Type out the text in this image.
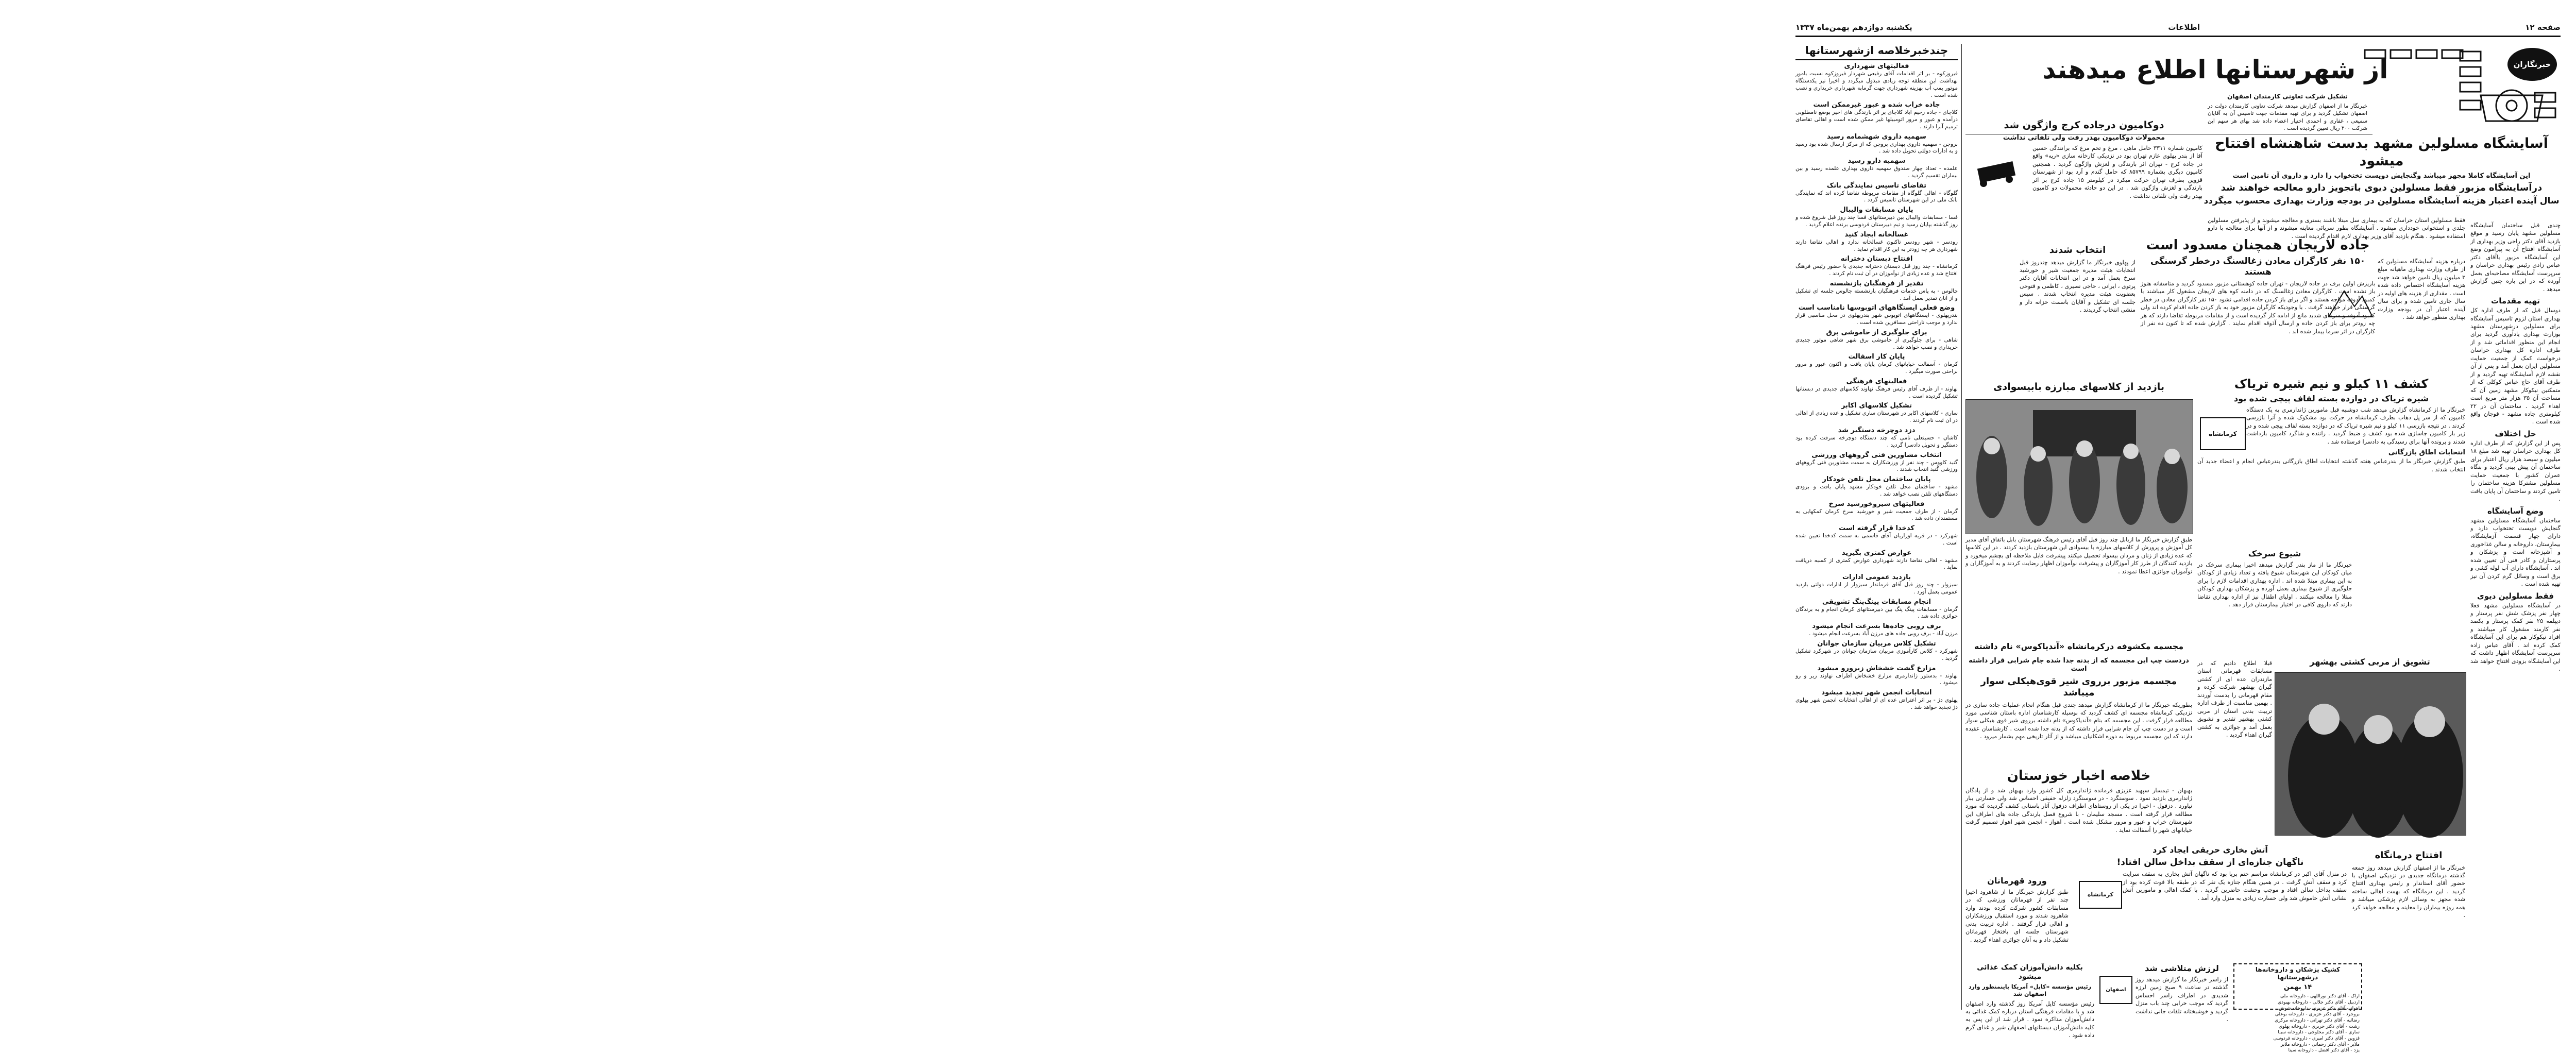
صفحه ۱۲
اطلاعات
یکشنبه دوازدهم بهمن‌ماه ۱۳۳۷
خبرنگاران ما
از شهرستانها اطلاع میدهند
تشکیل شرکت تعاونی کارمندان اصفهان
خبرنگار ما از اصفهان گزارش میدهد شرکت تعاونی کارمندان دولت در اصفهان تشکیل گردید و برای تهیه مقدمات جهت تاسیس آن به آقایان سمیعی ، غفاری و احمدی اختیار اعضاء داده شد بهای هر سهم این شرکت ۲۰۰ ریال تعیین گردیده است .
دوکامیون درجاده کرج واژگون شد
محمولات دوکامیون بهدر رفت ولی تلفاتی نداشت
کامیون شماره ۳۳۱۱ حامل ماهی ، مرغ و تخم مرغ که برانندگی حسین آقا از بندر پهلوی عازم تهران بود در نزدیکی کارخانه سازی «ریه» واقع در جاده کرج - تهران اثر بارندگی و لغزش واژگون گردید . همچنین کامیون دیگری بشماره ۸۵۷۹۹ که حامل گندم و آرد بود از شهرستان قزوین بطرف تهران حرکت میکرد در کیلومتر ۱۵ جاده کرج بر اثر بارندگی و لغزش واژگون شد . در این دو حادثه محمولات دو کامیون بهدر رفت ولی تلفاتی نداشت .
آسایشگاه مسلولین مشهد بدست شاهنشاه افتتاح میشود
این آسایشگاه کاملا مجهز میباشد وگنجایش دویست تختخواب را دارد و داروی آن تامین است
درآسایشگاه مزبور فقط مسلولین دیوی باتجویز دارو معالجه خواهند شد
سال آینده اعتبار هزینه آسایشگاه مسلولین در بودجه وزارت بهداری محسوب میگردد
فقط مسلولین استان خراسان که به بیماری سل مبتلا باشند بستری و معالجه میشوند و از پذیرفتن مسلولین جلدی و استخوانی خودداری میشود . آسایشگاه بطور سرپائی معاینه میشوند و از آنها برای معالجه با دارو استفاده میشود . هنگام بازدید آقای وزیر بهداری لازم اقدام گردیده است .
چندی قبل ساختمان آسایشگاه مسلولین مشهد پایان رسید و موقع بازدید آقای دکتر راجی وزیر بهداری از آسایشگاه افتتاح آن به پیرامون وضع این آسایشگاه مزبور باآقای دکتر عباس زادی رئیس بهداری خراسان و سرپرست آسایشگاه مصاحبه‌ای بعمل آورده که در این باره چنین گزارش میدهد .
تهیه مقدمات
دوسال قبل که از طرف اداره کل بهداری استان لزوم تاسیس آسایشگاه برای مسلولین درشهرستان مشهد بوزارت بهداری یادآوری گردید برای انجام این منظور اقداماتی شد و از طرف اداره کل بهداری خراسان درخواست کمک از جمعیت حمایت مسلولین ایران بعمل آمد و پس از آن نقشه لازم آسایشگاه تهیه گردید و از طرف آقای حاج عباس کوکلی که از متمکنین نیکوکار مشهد زمین آن که مساحت آن ۳۵ هزار متر مربع است اهداء گردید . ساختمان آن در ۲۲ کیلومتری جاده مشهد - قوچان واقع شده است .
حل اختلاف
پس از این گزارش که از طرف اداره کل بهداری خراسان تهیه شد مبلغ ۱۸ میلیون و سیصد هزار ریال اعتبار برای ساختمان آن پیش بینی گردید و بنگاه عمران کشور با جمعیت حمایت مسلولین مشترکا هزینه ساختمان را تامین کردند و ساختمان آن پایان یافت .
وضع آسایشگاه
ساختمان آسایشگاه مسلولین مشهد گنجایش دویست تختخواب دارد و دارای چهار قسمت آزمایشگاه، بیمارستان، داروخانه و سالن غذاخوری و آشپزخانه است و پزشکان و پرستاران و کادر فنی آن تعیین شده اند . آسایشگاه دارای آب لوله کشی و برق است و وسائل گرم کردن آن نیز تهیه شده است .
فقط مسلولین دیوی
در آسایشگاه مسلولین مشهد فعلا چهار نفر پزشک شش نفر پرستار و دیپلمه ۲۵ نفر کمک پرستار و یکصد نفر کارمند مشغول کار میباشند و افراد نیکوکار هم برای این آسایشگاه کمک کرده اند . آقای عباس زاده سرپرست آسایشگاه اظهار داشت که این آسایشگاه بزودی افتتاح خواهد شد .
درباره هزینه آسایشگاه مسلولین که از طرف وزارت بهداری ماهیانه مبلغ ۳ میلیون ریال تامین خواهد شد جهت هزینه آسایشگاه اختصاص داده شده است . مقداری از هزینه های اولیه در سال جاری تامین شده و برای سال آینده اعتبار آن در بودجه وزارت بهداری منظور خواهد شد .
جاده لاریجان همچنان مسدود است
۱۵۰ نفر کارگران معادن زغالسنگ درخطر گرسنگی هستند
باریزش اولین برف در جاده لاریجان - تهران جاده کوهستانی مزبور مسدود گردید و متاسفانه هنوز باز نشده است . کارگران معادن زغالسنگ که در دامنه کوه های لاریجان مشغول کار میباشند با کمبود آذوقه مواجه هستند و اگر برای باز کردن جاده اقدامی نشود ۱۵۰ نفر کارگران معادن در خطر گرسنگی قرار خواهند گرفت . با وجودیکه کارگران مزبور خود به باز کردن جاده اقدام کرده اند ولی کمبود آذوقه و سرمای شدید مانع از ادامه کار گردیده است و از مقامات مربوطه تقاضا دارند که هر چه زودتر برای باز کردن جاده و ارسال آذوقه اقدام نمایند . گزارش شده که تا کنون ده نفر از کارگران در اثر سرما بیمار شده اند .
انتخاب شدند
از پهلوی خبرنگار ما گزارش میدهد چندروز قبل انتخابات هیئت مدیره جمعیت شیر و خورشید سرخ بعمل آمد و در این انتخابات آقایان دکتر پرتوی ، ایرانی ، حاجی نصیری ، کاظمی و فتوحی بعضویت هیئت مدیره انتخاب شدند . سپس جلسه ای تشکیل و آقایان باسمت خزانه دار و منشی انتخاب گردیدند .
بازدید از کلاسهای مبارزه بابیسوادی
طبق گزارش خبرنگار ما ازبابل چند روز قبل آقای رئیس فرهنگ شهرستان بابل باتفاق آقای مدیر کل آموزش و پرورش از کلاسهای مبارزه با بیسوادی این شهرستان بازدید کردند . در این کلاسها که عده زیادی از زنان و مردان بیسواد تحصیل میکنند پیشرفت قابل ملاحظه ای بچشم میخورد و بازدید کنندگان از طرز کار آموزگاران و پیشرفت نوآموزان اظهار رضایت کردند و به آموزگاران و نوآموزان جوائزی اعطا نمودند .
کشف ۱۱ کیلو و نیم شیره تریاک
شیره تریاک در دوازده بسته لفاف پیچی شده بود
خبرنگار ما از کرمانشاه گزارش میدهد شب دوشنبه قبل مامورین ژاندارمری به یک دستگاه کامیون که از سر پل ذهاب بطرف کرمانشاه در حرکت بود مشکوک شده و آنرا بازرسی کردند . در نتیجه بازرسی ۱۱ کیلو و نیم شیره تریاک که در دوازده بسته لفاف پیچی شده و در زیر بار کامیون جاسازی شده بود کشف و ضبط گردید . راننده و شاگرد کامیون بازداشت شدند و پرونده آنها برای رسیدگی به دادسرا فرستاده شد .
انتخابات اطاق بازرگانی
طبق گزارش خبرنگار ما از بندرعباس هفته گذشته انتخابات اطاق بازرگانی بندرعباس انجام و اعضاء جدید آن انتخاب شدند .
کرمانشاه
شیوع سرخک
خبرنگار ما از ماز بندر گزارش میدهد اخیرا بیماری سرخک در میان کودکان این شهرستان شیوع یافته و تعداد زیادی از کودکان به این بیماری مبتلا شده اند . اداره بهداری اقدامات لازم را برای جلوگیری از شیوع بیماری بعمل آورده و پزشکان بهداری کودکان مبتلا را معالجه میکنند . اولیای اطفال نیز از اداره بهداری تقاضا دارند که داروی کافی در اختیار بیمارستان قرار دهد .
مجسمه مکشوفه درکرمانشاه «آندیاکوس» نام داشته
دردست چپ این مجسمه که از بدنه جدا شده جام شرابی قرار داشته است
مجسمه مزبور برروی شیر قوی‌هیکلی سوار میباشد
بطوریکه خبرنگار ما از کرمانشاه گزارش میدهد چندی قبل هنگام انجام عملیات جاده سازی در نزدیکی کرمانشاه مجسمه ای کشف گردید که بوسیله کارشناسان اداره باستان شناسی مورد مطالعه قرار گرفت . این مجسمه که بنام «آندیاکوس» نام داشته برروی شیر قوی هیکلی سوار است و در دست چپ آن جام شرابی قرار داشته که از بدنه جدا شده است . کارشناسان عقیده دارند که این مجسمه مربوط به دوره اشکانیان میباشد و از آثار تاریخی مهم بشمار میرود .
تشویق از مربی کشتی بهشهر
قبلا اطلاع دادیم که در مسابقات قهرمانی استان مازندران عده ای از کشتی گیران بهشهر شرکت کرده و مقام قهرمانی را بدست آوردند . بهمین مناسبت از طرف اداره تربیت بدنی استان از مربی کشتی بهشهر تقدیر و تشویق بعمل آمد و جوائزی به کشتی گیران اهداء گردید .
خلاصه اخبار خوزستان
بهبهان - تیمسار سپهبد عزیزی فرمانده ژاندارمری کل کشور وارد بهبهان شد و از پادگان ژاندارمری بازدید نمود . سوسنگرد - در سوسنگرد زلزله خفیفی احساس شد ولی خسارتی ببار نیاورد . دزفول - اخیرا در یکی از روستاهای اطراف دزفول آثار باستانی کشف گردیده که مورد مطالعه قرار گرفته است . مسجد سلیمان - با شروع فصل بارندگی جاده های اطراف این شهرستان خراب و عبور و مرور مشکل شده است . اهواز - انجمن شهر اهواز تصمیم گرفت خیابانهای شهر را آسفالت نماید .
ورود قهرمانان
طبق گزارش خبرنگار ما از شاهرود اخیرا چند نفر از قهرمانان ورزشی که در مسابقات کشور شرکت کرده بودند وارد شاهرود شدند و مورد استقبال ورزشکاران و اهالی قرار گرفتند . اداره تربیت بدنی شهرستان جلسه ای بافتخار قهرمانان تشکیل داد و به آنان جوائزی اهداء گردید .
آتش بخاری حریقی ایجاد کرد
ناگهان جنازه‌ای از سقف بداخل سالن افتاد!
در منزل آقای اکبر در کرمانشاه مراسم ختم برپا بود که ناگهان آتش بخاری به سقف سرایت کرد و سقف آتش گرفت . در همین هنگام جنازه یک نفر که در طبقه بالا فوت کرده بود از سقف بداخل سالن افتاد و موجب وحشت حاضرین گردید . با کمک اهالی و مامورین آتش نشانی آتش خاموش شد ولی خسارت زیادی به منزل وارد آمد .
کرمانشاه
افتتاح درمانگاه
خبرنگار ما از اصفهان گزارش میدهد روز جمعه گذشته درمانگاه جدیدی در نزدیکی اصفهان با حضور آقای استاندار و رئیس بهداری افتتاح گردید . این درمانگاه که بهمت اهالی ساخته شده مجهز به وسائل لازم پزشکی میباشد و همه روزه بیماران را معاینه و معالجه خواهد کرد .
بکلیه دانش‌آموزان کمک غذائی میشود
رئیس مؤسسه «کاپل» آمریکا باینمنظور وارد اصفهان شد
رئیس مؤسسه کاپل آمریکا روز گذشته وارد اصفهان شد و با مقامات فرهنگی استان درباره کمک غذائی به دانش‌آموزان مذاکره نمود . قرار شد از این پس به کلیه دانش‌آموزان دبستانهای اصفهان شیر و غذای گرم داده شود .
اصفهان
لرزش متلاشی شد
از راسر خبرنگار ما گزارش میدهد روز گذشته در ساعت ۹ صبح زمین لرزه شدیدی در اطراف راسر احساس گردید که موجب خرابی چند باب منزل گردید و خوشبختانه تلفات جانی نداشت .
کشیک پزشکان و داروخانه‌ها درشهرستانها
۱۴ بهمن
اراک - آقای دکتر نوراللهی - داروخانه ملی
اردبیل - آقای دکتر جلالی - داروخانه بهبودی
اهواز - آقای دکتر عزیزی - داروخانه شوش
بروجرد - آقای دکتر عزیزی - داروخانه بوعلی
رضائیه - آقای دکتر تهرانی - داروخانه مرکزی
رشت - آقای دکتر حریری - داروخانه پهلوی
ساری - آقای دکتر محلوجی - داروخانه سینا
قزوین - آقای دکتر امیری - داروخانه فردوسی
ملایر - آقای دکتر رحمانی - داروخانه ملایر
یزد - آقای دکتر افضل - داروخانه سینا
چندخبرخلاصه ازشهرستانها
فعالیتهای شهرداری
فیروزکوه - بر اثر اقدامات آقای رفیعی شهردار فیروزکوه نسبت بامور بهداشت این منطقه توجه زیادی مبذول میگردد و اخیرا نیز یکدستگاه موتور پمپ آب بهزینه شهرداری جهت گرمابه شهرداری خریداری و نصب شده است .
جاده خراب شده و عبور غیرممکن است
کلاچای - جاده رحیم آباد کلاچای بر اثر بارندگی های اخیر بوضع نامطلوبی درآمده و عبور و مرور اتومبیلها غیر ممکن شده است و اهالی تقاضای ترمیم آنرا دارند .
سهمیه داروی شهشمامه رسید
بروجن - سهمیه داروی بهداری بروجن که از مرکز ارسال شده بود رسید و به ادارات دولتی تحویل داده شد .
سهمیه دارو رسید
علمده - تعداد چهار صندوق سهمیه داروی بهداری علمده رسید و بین بیماران تقسیم گردید .
تقاضای تاسیس نمایندگی بانک
گلوگاه - اهالی گلوگاه از مقامات مربوطه تقاضا کرده اند که نمایندگی بانک ملی در این شهرستان تاسیس گردد .
پایان مسابقات والیبال
فسا - مسابقات والیبال بین دبیرستانهای فسا چند روز قبل شروع شده و روز گذشته بپایان رسید و تیم دبیرستان فردوسی برنده اعلام گردید .
غسالخانه ایجاد کنید
رودسر - شهر رودسر تاکنون غسالخانه ندارد و اهالی تقاضا دارند شهرداری هر چه زودتر به این کار اقدام نماید .
افتتاح دبستان دخترانه
کرمانشاه - چند روز قبل دبستان دخترانه جدیدی با حضور رئیس فرهنگ افتتاح شد و عده زیادی از نوآموزان در آن ثبت نام کردند .
تقدیر از فرهنگیان بازنشسته
چالوس - به پاس خدمات فرهنگیان بازنشسته چالوس جلسه ای تشکیل و از آنان تقدیر بعمل آمد .
وضع فعلی ایستگاههای اتوبوسها نامناسب است
بندرپهلوی - ایستگاههای اتوبوس شهر بندرپهلوی در محل مناسبی قرار ندارد و موجب ناراحتی مسافرین شده است .
برای جلوگیری از خاموشی برق
شاهی - برای جلوگیری از خاموشی برق شهر شاهی موتور جدیدی خریداری و نصب خواهد شد .
پایان کار اسفالت
کرمان - آسفالت خیابانهای کرمان پایان یافت و اکنون عبور و مرور براحتی صورت میگیرد .
فعالیتهای فرهنگی
نهاوند - از طرف آقای رئیس فرهنگ نهاوند کلاسهای جدیدی در دبستانها تشکیل گردیده است .
تشکیل کلاسهای اکابر
ساری - کلاسهای اکابر در شهرستان ساری تشکیل و عده زیادی از اهالی در آن ثبت نام کردند .
دزد دوچرخه دستگیر شد
کاشان - حسینعلی نامی که چند دستگاه دوچرخه سرقت کرده بود دستگیر و تحویل دادسرا گردید .
انتخاب مشاورین فنی گروههای ورزشی
گنبد کاووس - چند نفر از ورزشکاران به سمت مشاورین فنی گروههای ورزشی گنبد انتخاب شدند .
پایان ساختمان محل تلفن خودکار
مشهد - ساختمان محل تلفن خودکار مشهد پایان یافت و بزودی دستگاههای تلفن نصب خواهد شد .
فعالیتهای شیروخورشید سرخ
گرمان - از طرف جمعیت شیر و خورشید سرخ کرمان کمکهایی به مستمندان داده شد .
کدخدا قرار گرفته است
شهرکرد - در قریه اوزاریان آقای قاسمی به سمت کدخدا تعیین شده است .
عوارض کمتری بگیرید
مشهد - اهالی تقاضا دارند شهرداری عوارض کمتری از کسبه دریافت نماید .
بازدید عمومی ادارات
سبزوار - چند روز قبل آقای فرماندار سبزوار از ادارات دولتی بازدید عمومی بعمل آورد .
انجام مسابقات پینگ‌پنگ تشویقی
گرمان - مسابقات پینگ پنگ بین دبیرستانهای کرمان انجام و به برندگان جوائزی داده شد .
برف روبی جاده‌ها بسرعت انجام میشود
مرزن آباد - برف روبی جاده های مرزن آباد بسرعت انجام میشود .
تشکیل کلاس مربیان سازمان جوانان
شهرکرد - کلاس کارآموزی مربیان سازمان جوانان در شهرکرد تشکیل گردید .
مزارع گشت خشخاش زیرورو میشود
نهاوند - بدستور ژاندارمری مزارع خشخاش اطراف نهاوند زیر و رو میشود .
انتخابات انجمن شهر تجدید میشود
پهلوی دژ - بر اثر اعتراض عده ای از اهالی انتخابات انجمن شهر پهلوی دژ تجدید خواهد شد .
